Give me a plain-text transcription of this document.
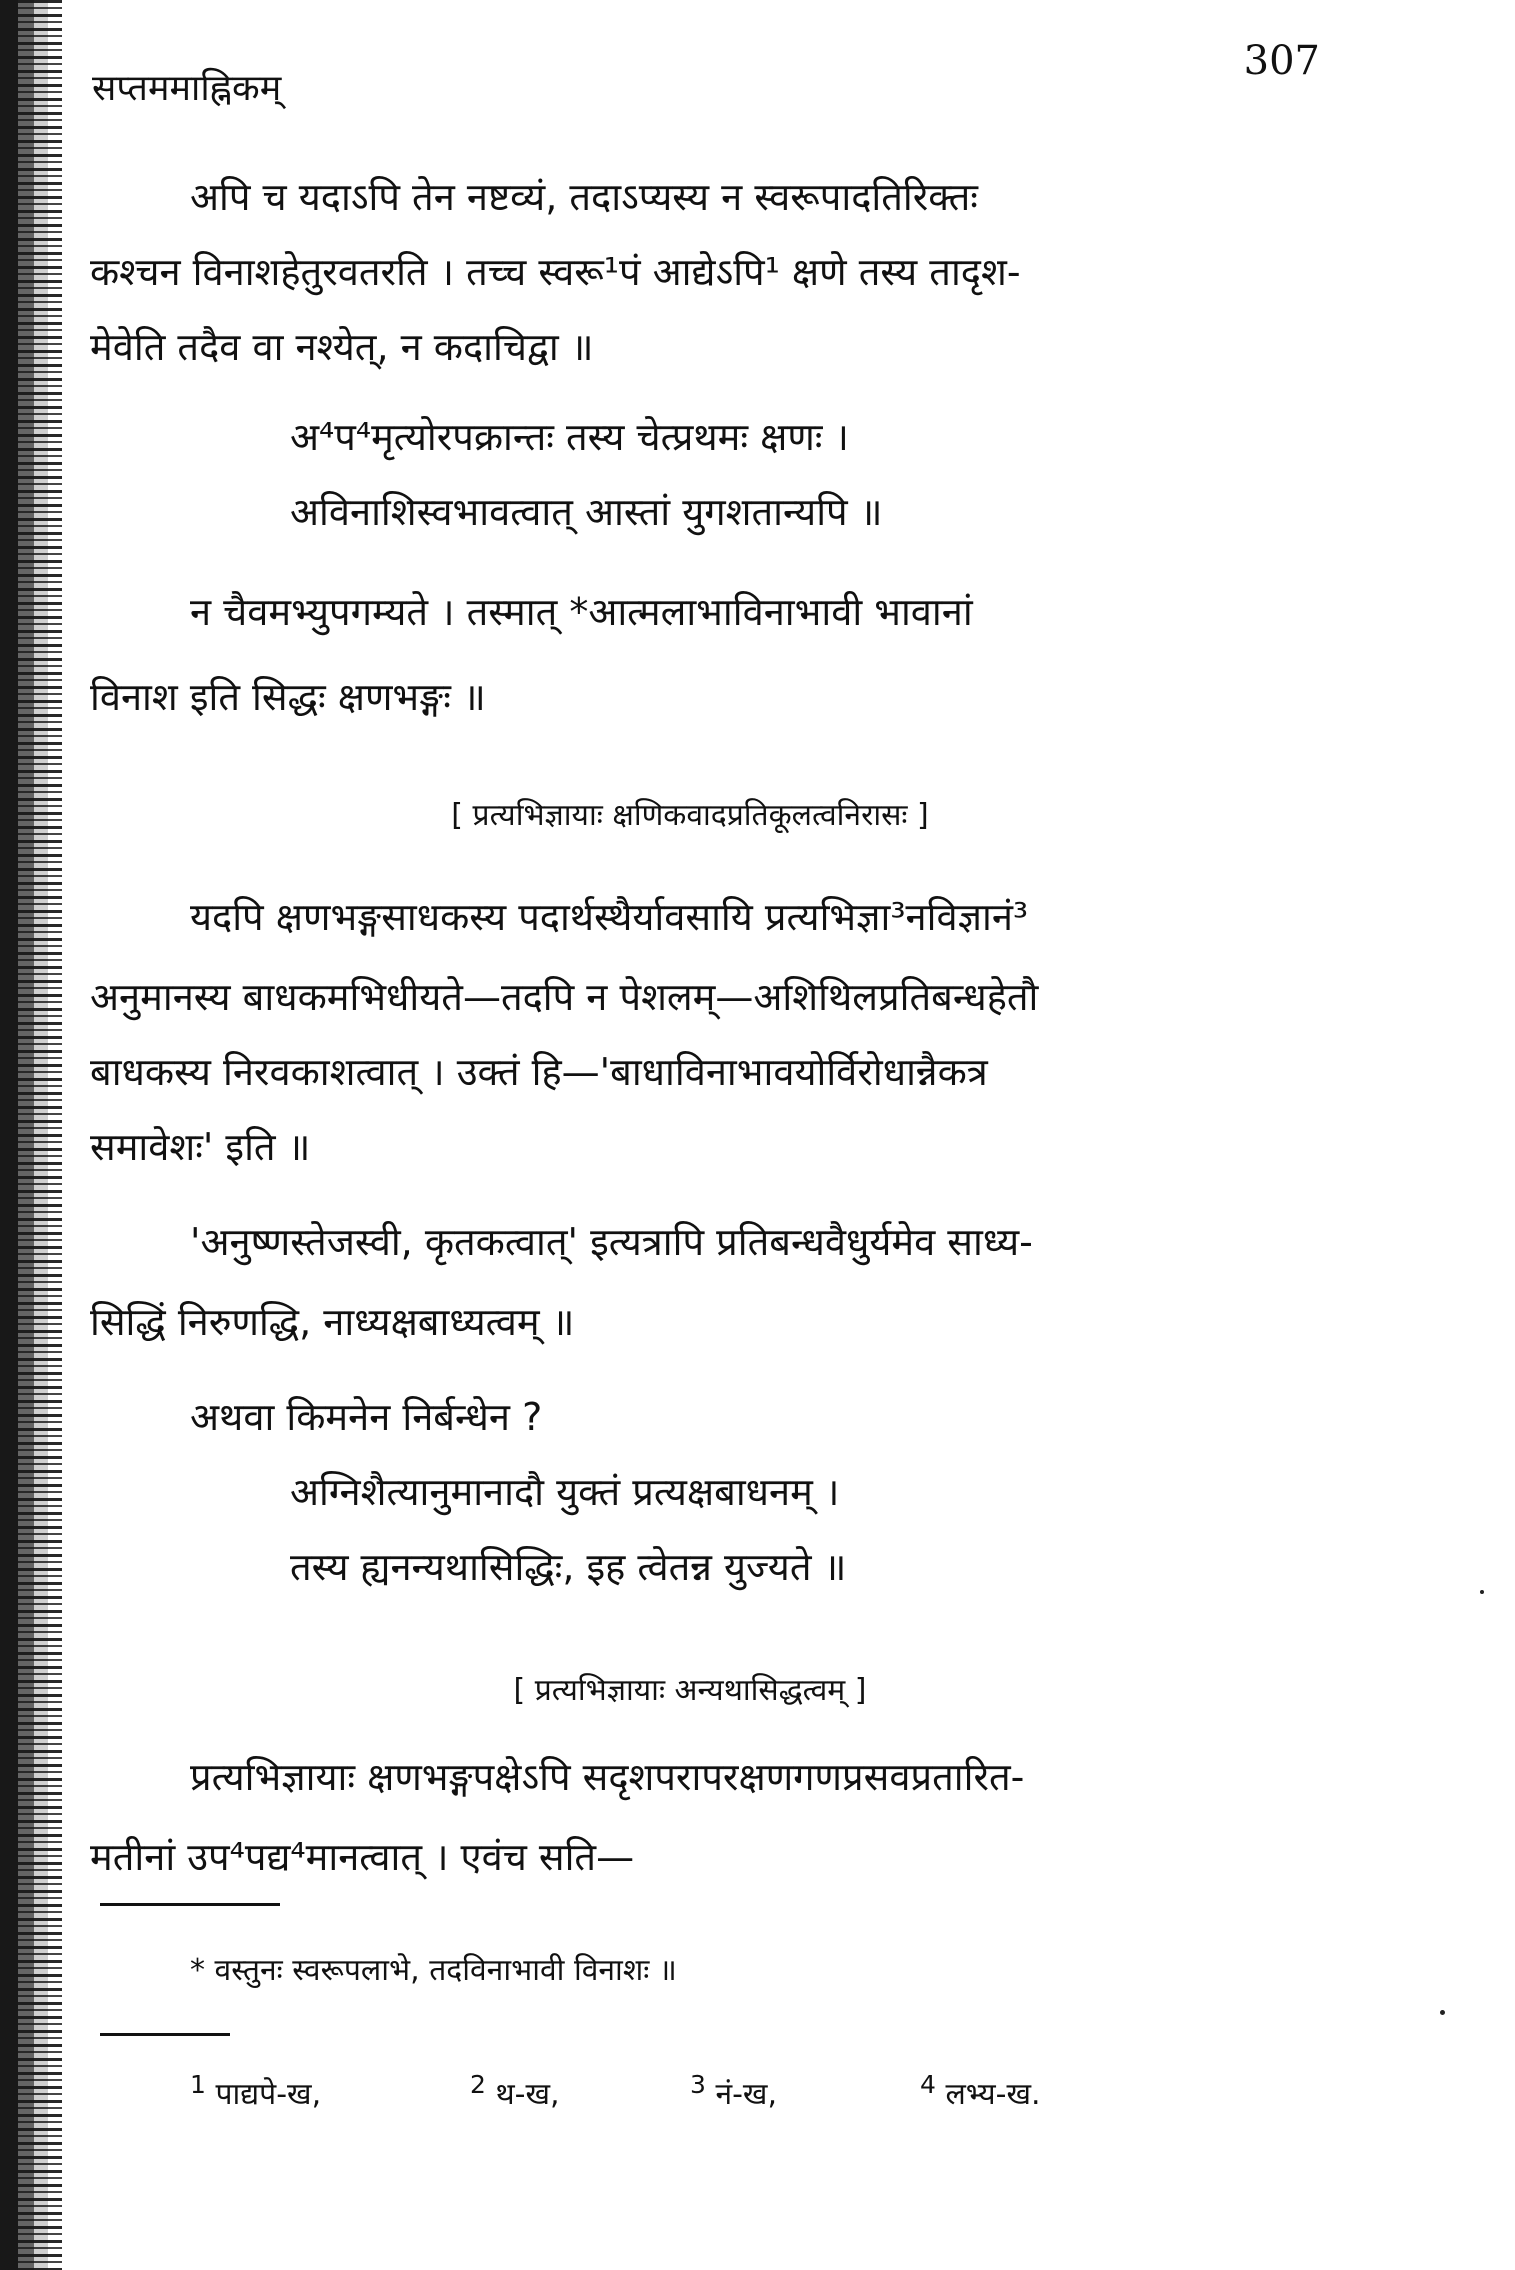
307
सप्तममाह्निकम्
अपि च यदाऽपि तेन नष्टव्यं, तदाऽप्यस्य न स्वरूपादतिरिक्तः
कश्चन विनाशहेतुरवतरति । तच्च स्वरू¹पं आद्येऽपि¹ क्षणे तस्य तादृश-
मेवेति तदैव वा नश्येत्, न कदाचिद्वा ॥
अ⁴प⁴मृत्योरपक्रान्तः तस्य चेत्प्रथमः क्षणः ।
अविनाशिस्वभावत्वात् आस्तां युगशतान्यपि ॥
न चैवमभ्युपगम्यते । तस्मात् *आत्मलाभाविनाभावी भावानां
विनाश इति सिद्धः क्षणभङ्गः ॥
[ प्रत्यभिज्ञायाः क्षणिकवादप्रतिकूलत्वनिरासः ]
यदपि क्षणभङ्गसाधकस्य पदार्थस्थैर्यावसायि प्रत्यभिज्ञा³नविज्ञानं³
अनुमानस्य बाधकमभिधीयते—तदपि न पेशलम्—अशिथिलप्रतिबन्धहेतौ
बाधकस्य निरवकाशत्वात् । उक्तं हि—'बाधाविनाभावयोर्विरोधान्नैकत्र
समावेशः' इति ॥
'अनुष्णस्तेजस्वी, कृतकत्वात्' इत्यत्रापि प्रतिबन्धवैधुर्यमेव साध्य-
सिद्धिं निरुणद्धि, नाध्यक्षबाध्यत्वम् ॥
अथवा किमनेन निर्बन्धेन ?
अग्निशैत्यानुमानादौ युक्तं प्रत्यक्षबाधनम् ।
तस्य ह्यनन्यथासिद्धिः, इह त्वेतन्न युज्यते ॥
[ प्रत्यभिज्ञायाः अन्यथासिद्धत्वम् ]
प्रत्यभिज्ञायाः क्षणभङ्गपक्षेऽपि सदृशपरापरक्षणगणप्रसवप्रतारित-
मतीनां उप⁴पद्य⁴मानत्वात् । एवंच सति—
* वस्तुनः स्वरूपलाभे, तदविनाभावी विनाशः ॥
$^1$ पाद्यपे-ख,	$^2$ थ-ख,	$^3$ नं-ख,	$^4$ लभ्य-ख.
